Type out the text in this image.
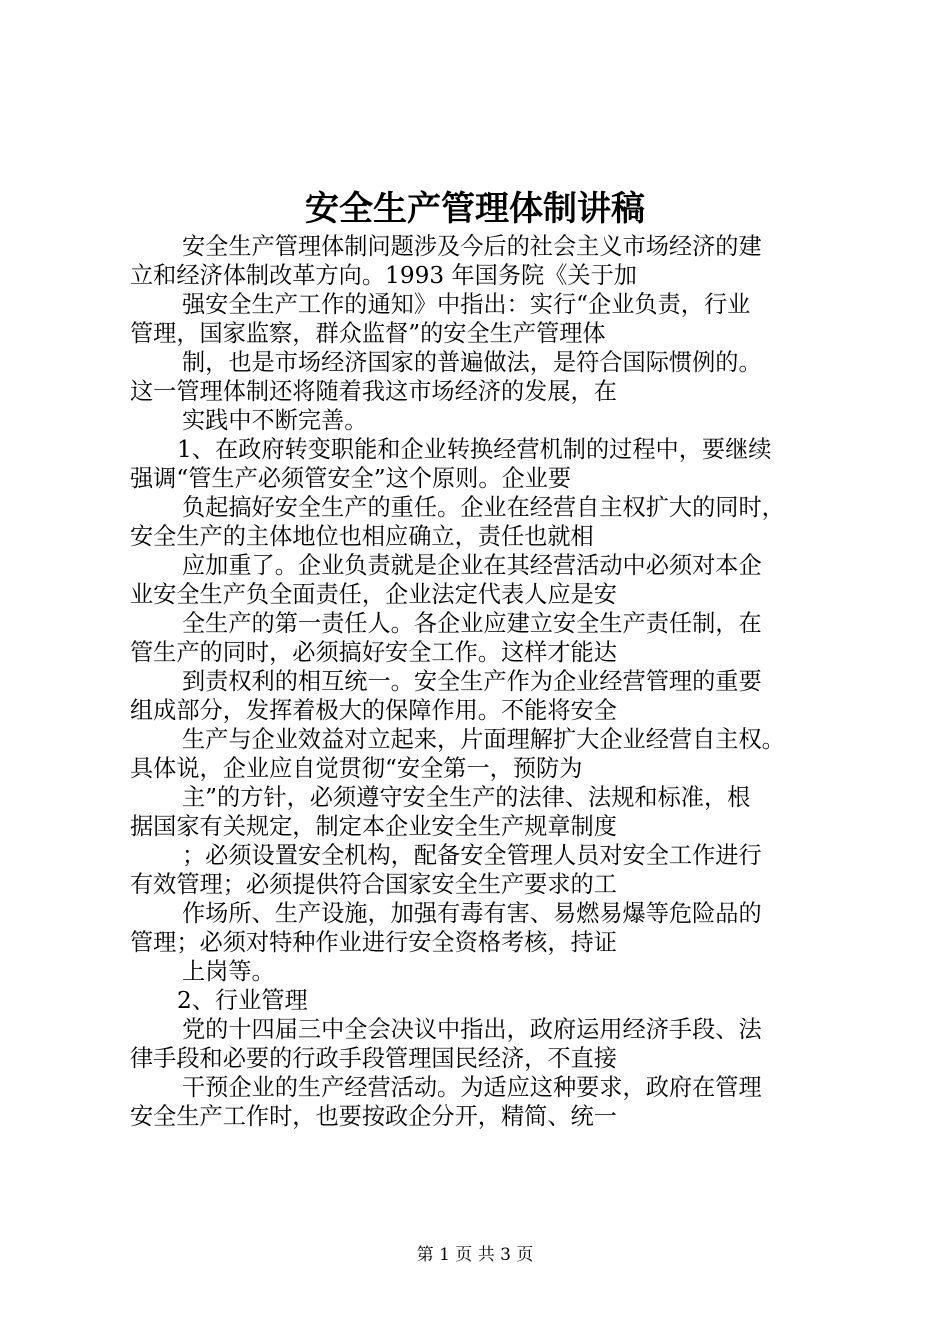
安全生产管理体制讲稿
安全生产管理体制问题涉及今后的社会主义市场经济的建
立和经济体制改革方向。1993 年国务院《关于加
强安全生产工作的通知》中指出：实行“企业负责，行业
管理，国家监察，群众监督”的安全生产管理体
制，也是市场经济国家的普遍做法，是符合国际惯例的。
这一管理体制还将随着我这市场经济的发展，在
实践中不断完善。
1、在政府转变职能和企业转换经营机制的过程中，要继续
强调“管生产必须管安全”这个原则。企业要
负起搞好安全生产的重任。企业在经营自主权扩大的同时，
安全生产的主体地位也相应确立，责任也就相
应加重了。企业负责就是企业在其经营活动中必须对本企
业安全生产负全面责任，企业法定代表人应是安
全生产的第一责任人。各企业应建立安全生产责任制，在
管生产的同时，必须搞好安全工作。这样才能达
到责权利的相互统一。安全生产作为企业经营管理的重要
组成部分，发挥着极大的保障作用。不能将安全
生产与企业效益对立起来，片面理解扩大企业经营自主权。
具体说，企业应自觉贯彻“安全第一，预防为
主”的方针，必须遵守安全生产的法律、法规和标准，根
据国家有关规定，制定本企业安全生产规章制度
；必须设置安全机构，配备安全管理人员对安全工作进行
有效管理；必须提供符合国家安全生产要求的工
作场所、生产设施，加强有毒有害、易燃易爆等危险品的
管理；必须对特种作业进行安全资格考核，持证
上岗等。
2、行业管理
党的十四届三中全会决议中指出，政府运用经济手段、法
律手段和必要的行政手段管理国民经济，不直接
干预企业的生产经营活动。为适应这种要求，政府在管理
安全生产工作时，也要按政企分开，精简、统一
第 1 页 共 3 页
